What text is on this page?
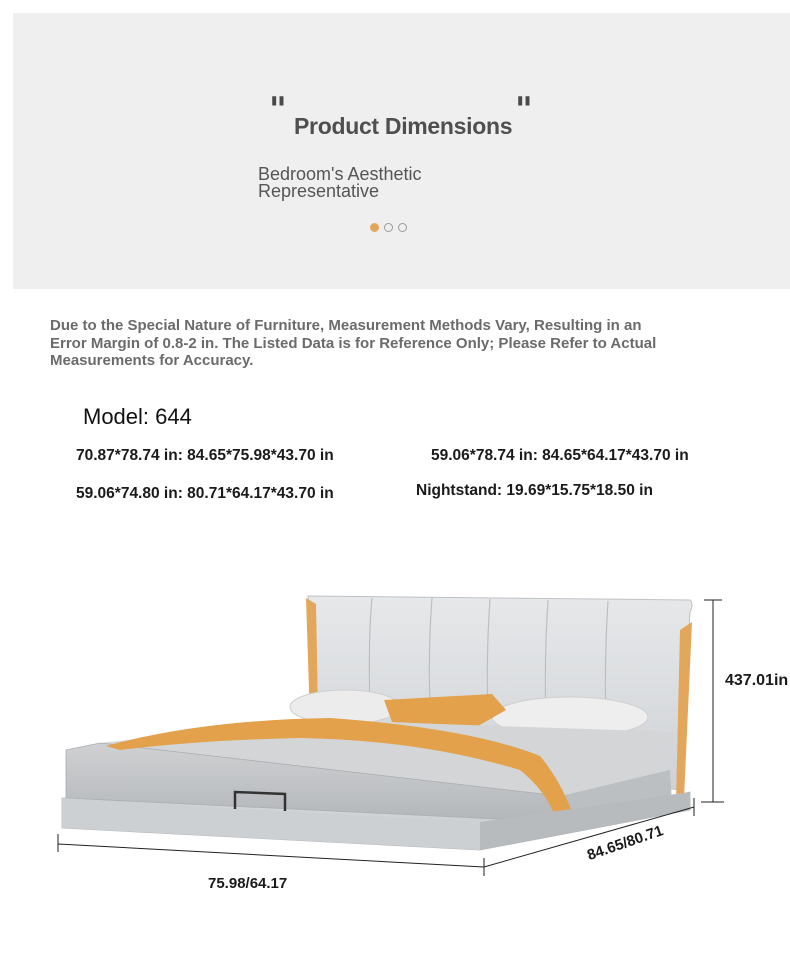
"	"
Product Dimensions
Bedroom's Aesthetic Representative
Due to the Special Nature of Furniture, Measurement Methods Vary, Resulting in an Error Margin of 0.8-2 in. The Listed Data is for Reference Only; Please Refer to Actual Measurements for Accuracy.
Model: 644
70.87*78.74 in: 84.65*75.98*43.70 in	59.06*78.74 in: 84.65*64.17*43.70 in
59.06*74.80 in: 80.71*64.17*43.70 in	Nightstand: 19.69*15.75*18.50 in
437.01in
75.98/64.17
84.65/80.71
